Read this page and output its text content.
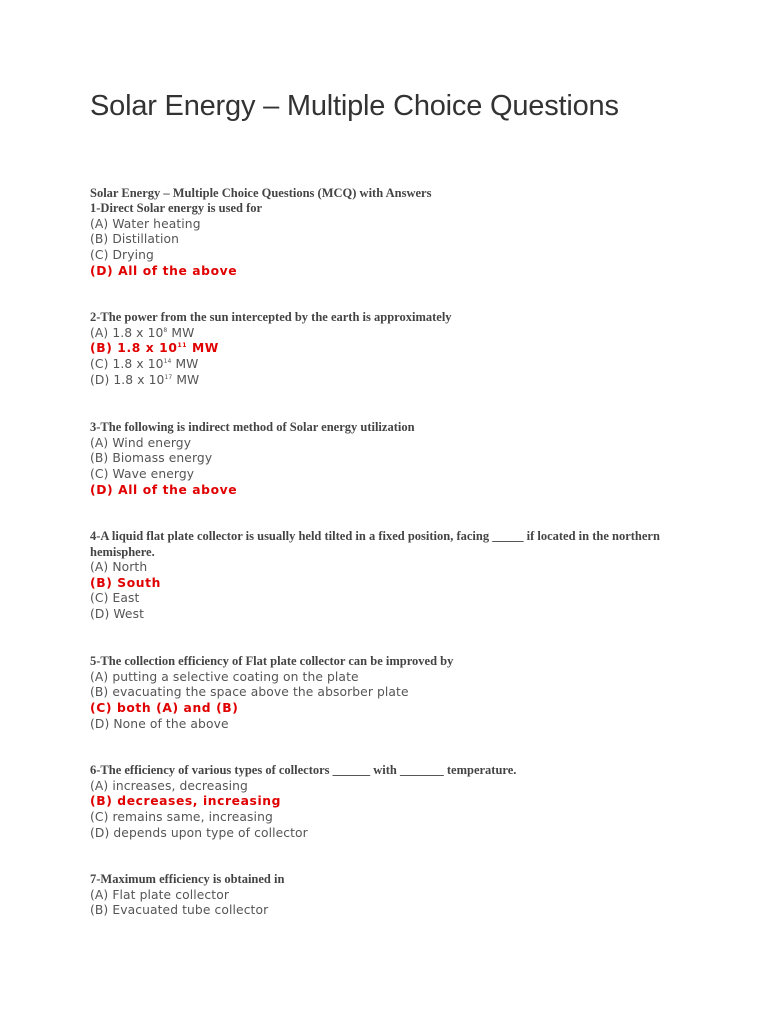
Solar Energy – Multiple Choice Questions
Solar Energy – Multiple Choice Questions (MCQ) with Answers
1-Direct Solar energy is used for
(A) Water heating
(B) Distillation
(C) Drying
(D) All of the above
2-The power from the sun intercepted by the earth is approximately
(A) 1.8 x $10^8$ MW
(B) 1.8 x $10^{11}$ MW
(C) 1.8 x $10^{14}$ MW
(D) 1.8 x $10^{17}$ MW
3-The following is indirect method of Solar energy utilization
(A) Wind energy
(B) Biomass energy
(C) Wave energy
(D) All of the above
4-A liquid flat plate collector is usually held tilted in a fixed position, facing _____ if located in the northern hemisphere.
(A) North
(B) South
(C) East
(D) West
5-The collection efficiency of Flat plate collector can be improved by
(A) putting a selective coating on the plate
(B) evacuating the space above the absorber plate
(C) both (A) and (B)
(D) None of the above
6-The efficiency of various types of collectors ______ with _______ temperature.
(A) increases, decreasing
(B) decreases, increasing
(C) remains same, increasing
(D) depends upon type of collector
7-Maximum efficiency is obtained in
(A) Flat plate collector
(B) Evacuated tube collector
